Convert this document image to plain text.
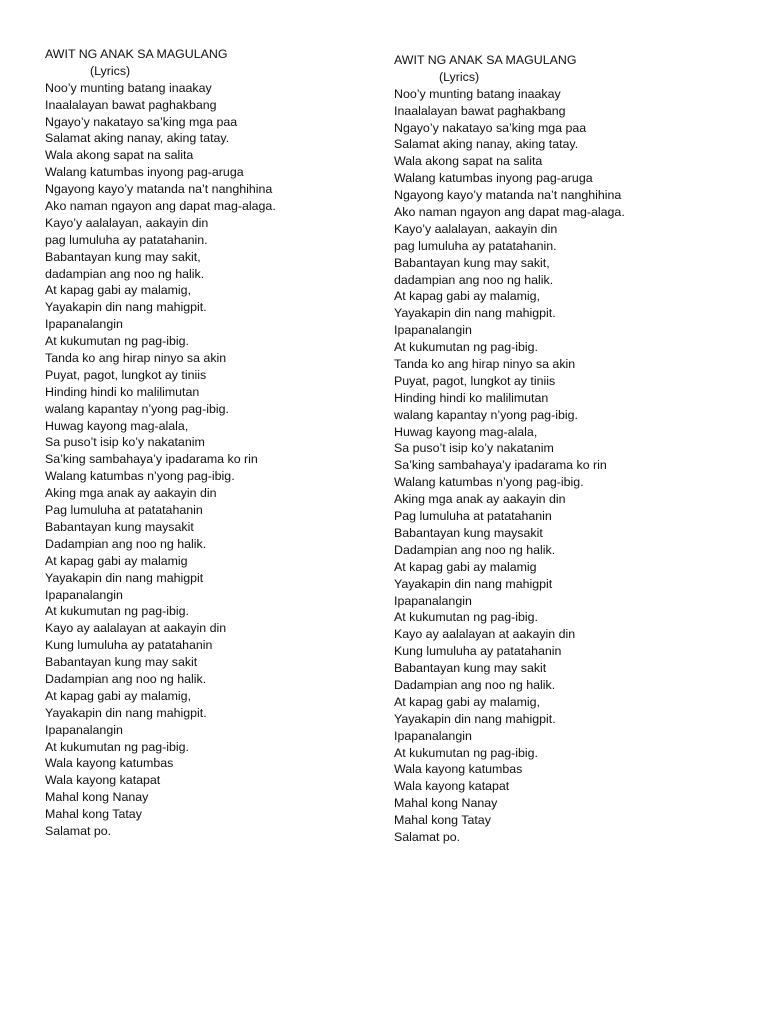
AWIT NG ANAK SA MAGULANG
(Lyrics)
Noo’y munting batang inaakay
Inaalalayan bawat paghakbang
Ngayo’y nakatayo sa’king mga paa
Salamat aking nanay, aking tatay.
Wala akong sapat na salita
Walang katumbas inyong pag-aruga
Ngayong kayo’y matanda na’t nanghihina
Ako naman ngayon ang dapat mag-alaga.
Kayo’y aalalayan, aakayin din
pag lumuluha ay patatahanin.
Babantayan kung may sakit,
dadampian ang noo ng halik.
At kapag gabi ay malamig,
Yayakapin din nang mahigpit.
Ipapanalangin
At kukumutan ng pag-ibig.
Tanda ko ang hirap ninyo sa akin
Puyat, pagot, lungkot ay tiniis
Hinding hindi ko malilimutan
walang kapantay n’yong pag-ibig.
Huwag kayong mag-alala,
Sa puso’t isip ko’y nakatanim
Sa’king sambahaya’y ipadarama ko rin
Walang katumbas n’yong pag-ibig.
Aking mga anak ay aakayin din
Pag lumuluha at patatahanin
Babantayan kung maysakit
Dadampian ang noo ng halik.
At kapag gabi ay malamig
Yayakapin din nang mahigpit
Ipapanalangin
At kukumutan ng pag-ibig.
Kayo ay aalalayan at aakayin din
Kung lumuluha ay patatahanin
Babantayan kung may sakit
Dadampian ang noo ng halik.
At kapag gabi ay malamig,
Yayakapin din nang mahigpit.
Ipapanalangin
At kukumutan ng pag-ibig.
Wala kayong katumbas
Wala kayong katapat
Mahal kong Nanay
Mahal kong Tatay
Salamat po.
AWIT NG ANAK SA MAGULANG
(Lyrics)
Noo’y munting batang inaakay
Inaalalayan bawat paghakbang
Ngayo’y nakatayo sa’king mga paa
Salamat aking nanay, aking tatay.
Wala akong sapat na salita
Walang katumbas inyong pag-aruga
Ngayong kayo’y matanda na’t nanghihina
Ako naman ngayon ang dapat mag-alaga.
Kayo’y aalalayan, aakayin din
pag lumuluha ay patatahanin.
Babantayan kung may sakit,
dadampian ang noo ng halik.
At kapag gabi ay malamig,
Yayakapin din nang mahigpit.
Ipapanalangin
At kukumutan ng pag-ibig.
Tanda ko ang hirap ninyo sa akin
Puyat, pagot, lungkot ay tiniis
Hinding hindi ko malilimutan
walang kapantay n’yong pag-ibig.
Huwag kayong mag-alala,
Sa puso’t isip ko’y nakatanim
Sa’king sambahaya’y ipadarama ko rin
Walang katumbas n’yong pag-ibig.
Aking mga anak ay aakayin din
Pag lumuluha at patatahanin
Babantayan kung maysakit
Dadampian ang noo ng halik.
At kapag gabi ay malamig
Yayakapin din nang mahigpit
Ipapanalangin
At kukumutan ng pag-ibig.
Kayo ay aalalayan at aakayin din
Kung lumuluha ay patatahanin
Babantayan kung may sakit
Dadampian ang noo ng halik.
At kapag gabi ay malamig,
Yayakapin din nang mahigpit.
Ipapanalangin
At kukumutan ng pag-ibig.
Wala kayong katumbas
Wala kayong katapat
Mahal kong Nanay
Mahal kong Tatay
Salamat po.
